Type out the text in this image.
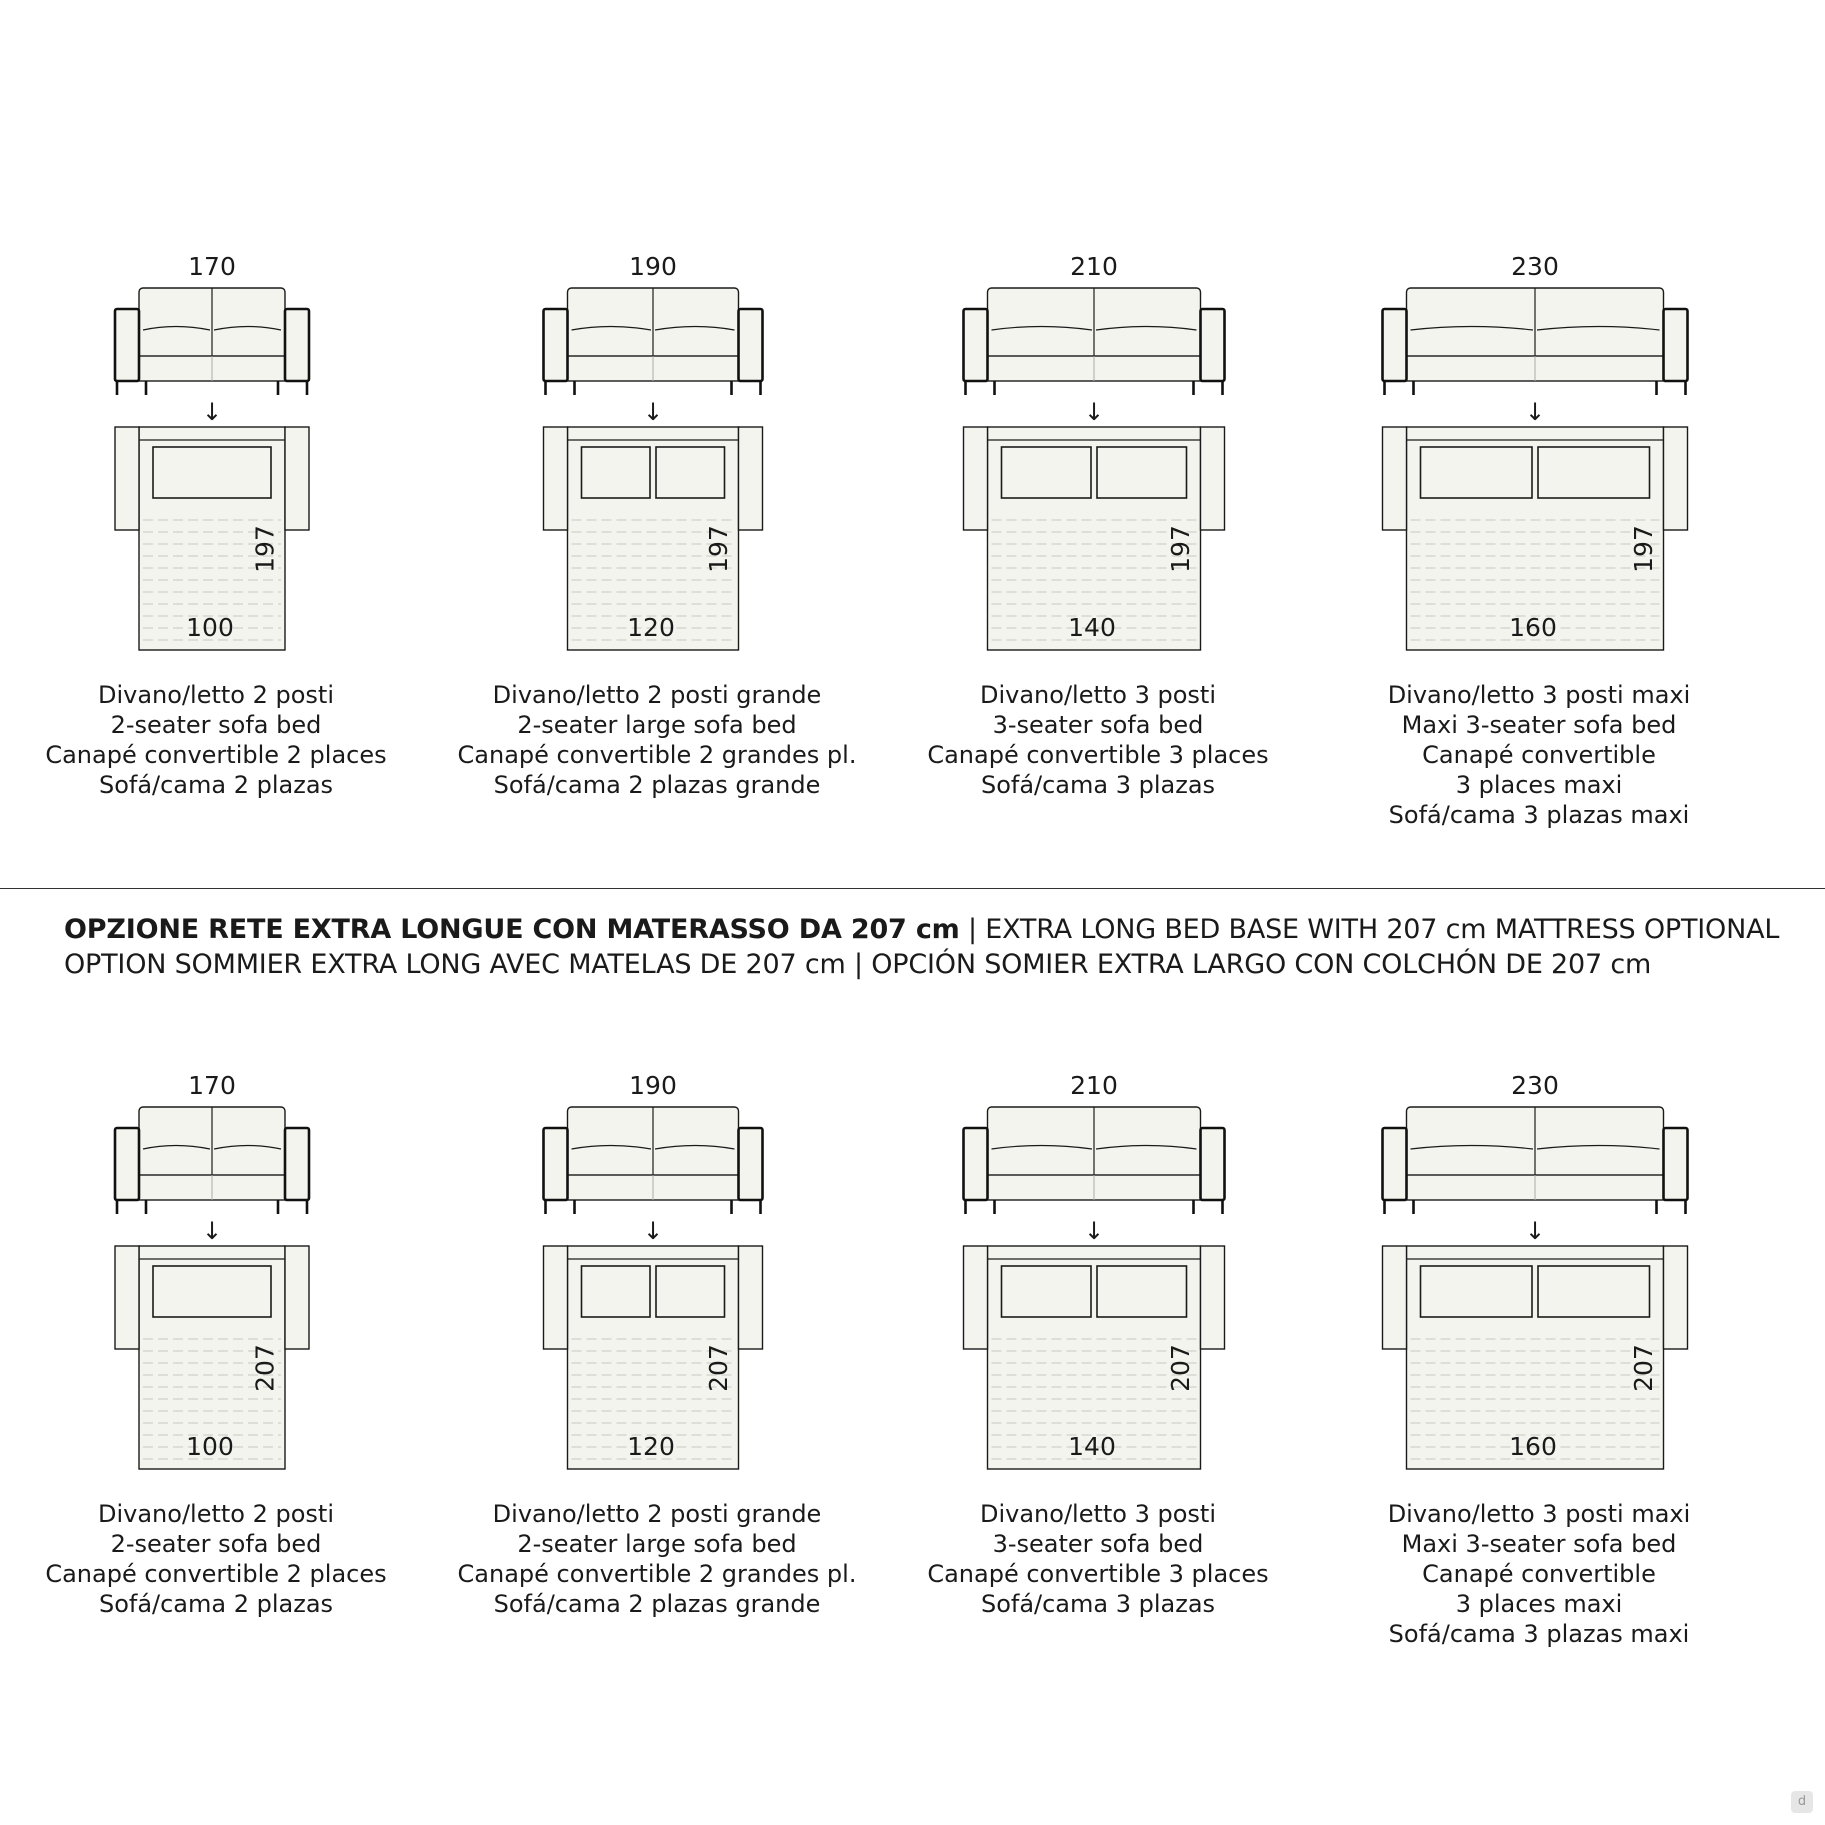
170
↓
100
197
Divano/letto 2 posti
2-seater sofa bed
Canapé convertible 2 places
Sofá/cama 2 plazas
190
↓
120
197
Divano/letto 2 posti grande
2-seater large sofa bed
Canapé convertible 2 grandes pl.
Sofá/cama 2 plazas grande
210
↓
140
197
Divano/letto 3 posti
3-seater sofa bed
Canapé convertible 3 places
Sofá/cama 3 plazas
230
↓
160
197
Divano/letto 3 posti maxi
Maxi 3-seater sofa bed
Canapé convertible
3 places maxi
Sofá/cama 3 plazas maxi
170
↓
100
207
Divano/letto 2 posti
2-seater sofa bed
Canapé convertible 2 places
Sofá/cama 2 plazas
190
↓
120
207
Divano/letto 2 posti grande
2-seater large sofa bed
Canapé convertible 2 grandes pl.
Sofá/cama 2 plazas grande
210
↓
140
207
Divano/letto 3 posti
3-seater sofa bed
Canapé convertible 3 places
Sofá/cama 3 plazas
230
↓
160
207
Divano/letto 3 posti maxi
Maxi 3-seater sofa bed
Canapé convertible
3 places maxi
Sofá/cama 3 plazas maxi
OPZIONE RETE EXTRA LONGUE CON MATERASSO DA 207 cm | EXTRA LONG BED BASE WITH 207 cm MATTRESS OPTIONAL
OPTION SOMMIER EXTRA LONG AVEC MATELAS DE 207 cm | OPCIÓN SOMIER EXTRA LARGO CON COLCHÓN DE 207 cm
d
